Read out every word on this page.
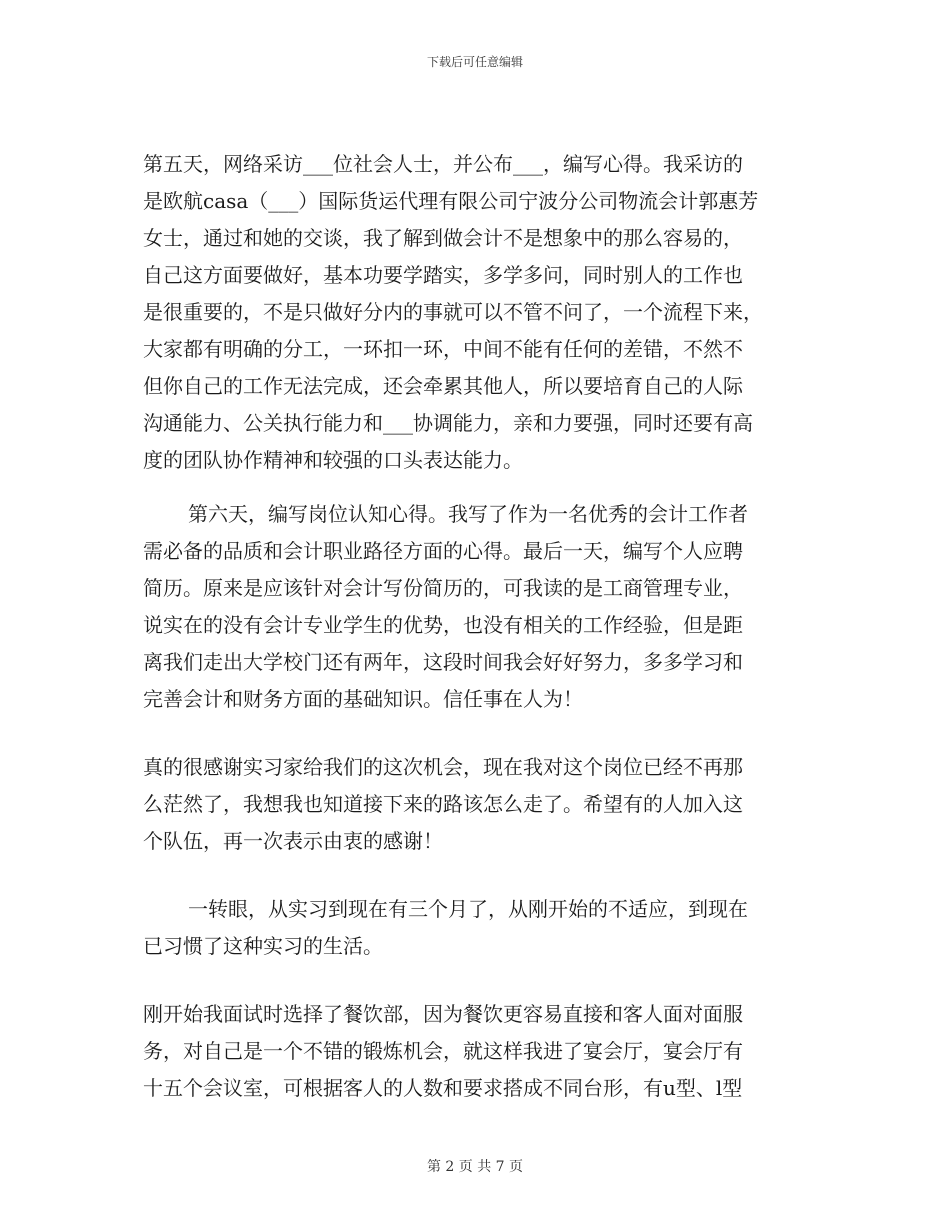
下载后可任意编辑
第五天，网络采访___位社会人士，并公布___，编写心得。我采访的
是欧航casa（___）国际货运代理有限公司宁波分公司物流会计郭惠芳
女士，通过和她的交谈，我了解到做会计不是想象中的那么容易的，
自己这方面要做好，基本功要学踏实，多学多问，同时别人的工作也
是很重要的，不是只做好分内的事就可以不管不问了，一个流程下来，
大家都有明确的分工，一环扣一环，中间不能有任何的差错，不然不
但你自己的工作无法完成，还会牵累其他人，所以要培育自己的人际
沟通能力、公关执行能力和___协调能力，亲和力要强，同时还要有高
度的团队协作精神和较强的口头表达能力。
第六天，编写岗位认知心得。我写了作为一名优秀的会计工作者
需必备的品质和会计职业路径方面的心得。最后一天，编写个人应聘
简历。原来是应该针对会计写份简历的，可我读的是工商管理专业，
说实在的没有会计专业学生的优势，也没有相关的工作经验，但是距
离我们走出大学校门还有两年，这段时间我会好好努力，多多学习和
完善会计和财务方面的基础知识。信任事在人为！
真的很感谢实习家给我们的这次机会，现在我对这个岗位已经不再那
么茫然了，我想我也知道接下来的路该怎么走了。希望有的人加入这
个队伍，再一次表示由衷的感谢！
一转眼，从实习到现在有三个月了，从刚开始的不适应，到现在
已习惯了这种实习的生活。
刚开始我面试时选择了餐饮部，因为餐饮更容易直接和客人面对面服
务，对自己是一个不错的锻炼机会，就这样我进了宴会厅，宴会厅有
十五个会议室，可根据客人的人数和要求搭成不同台形，有u型、l型
第 2 页 共 7 页
